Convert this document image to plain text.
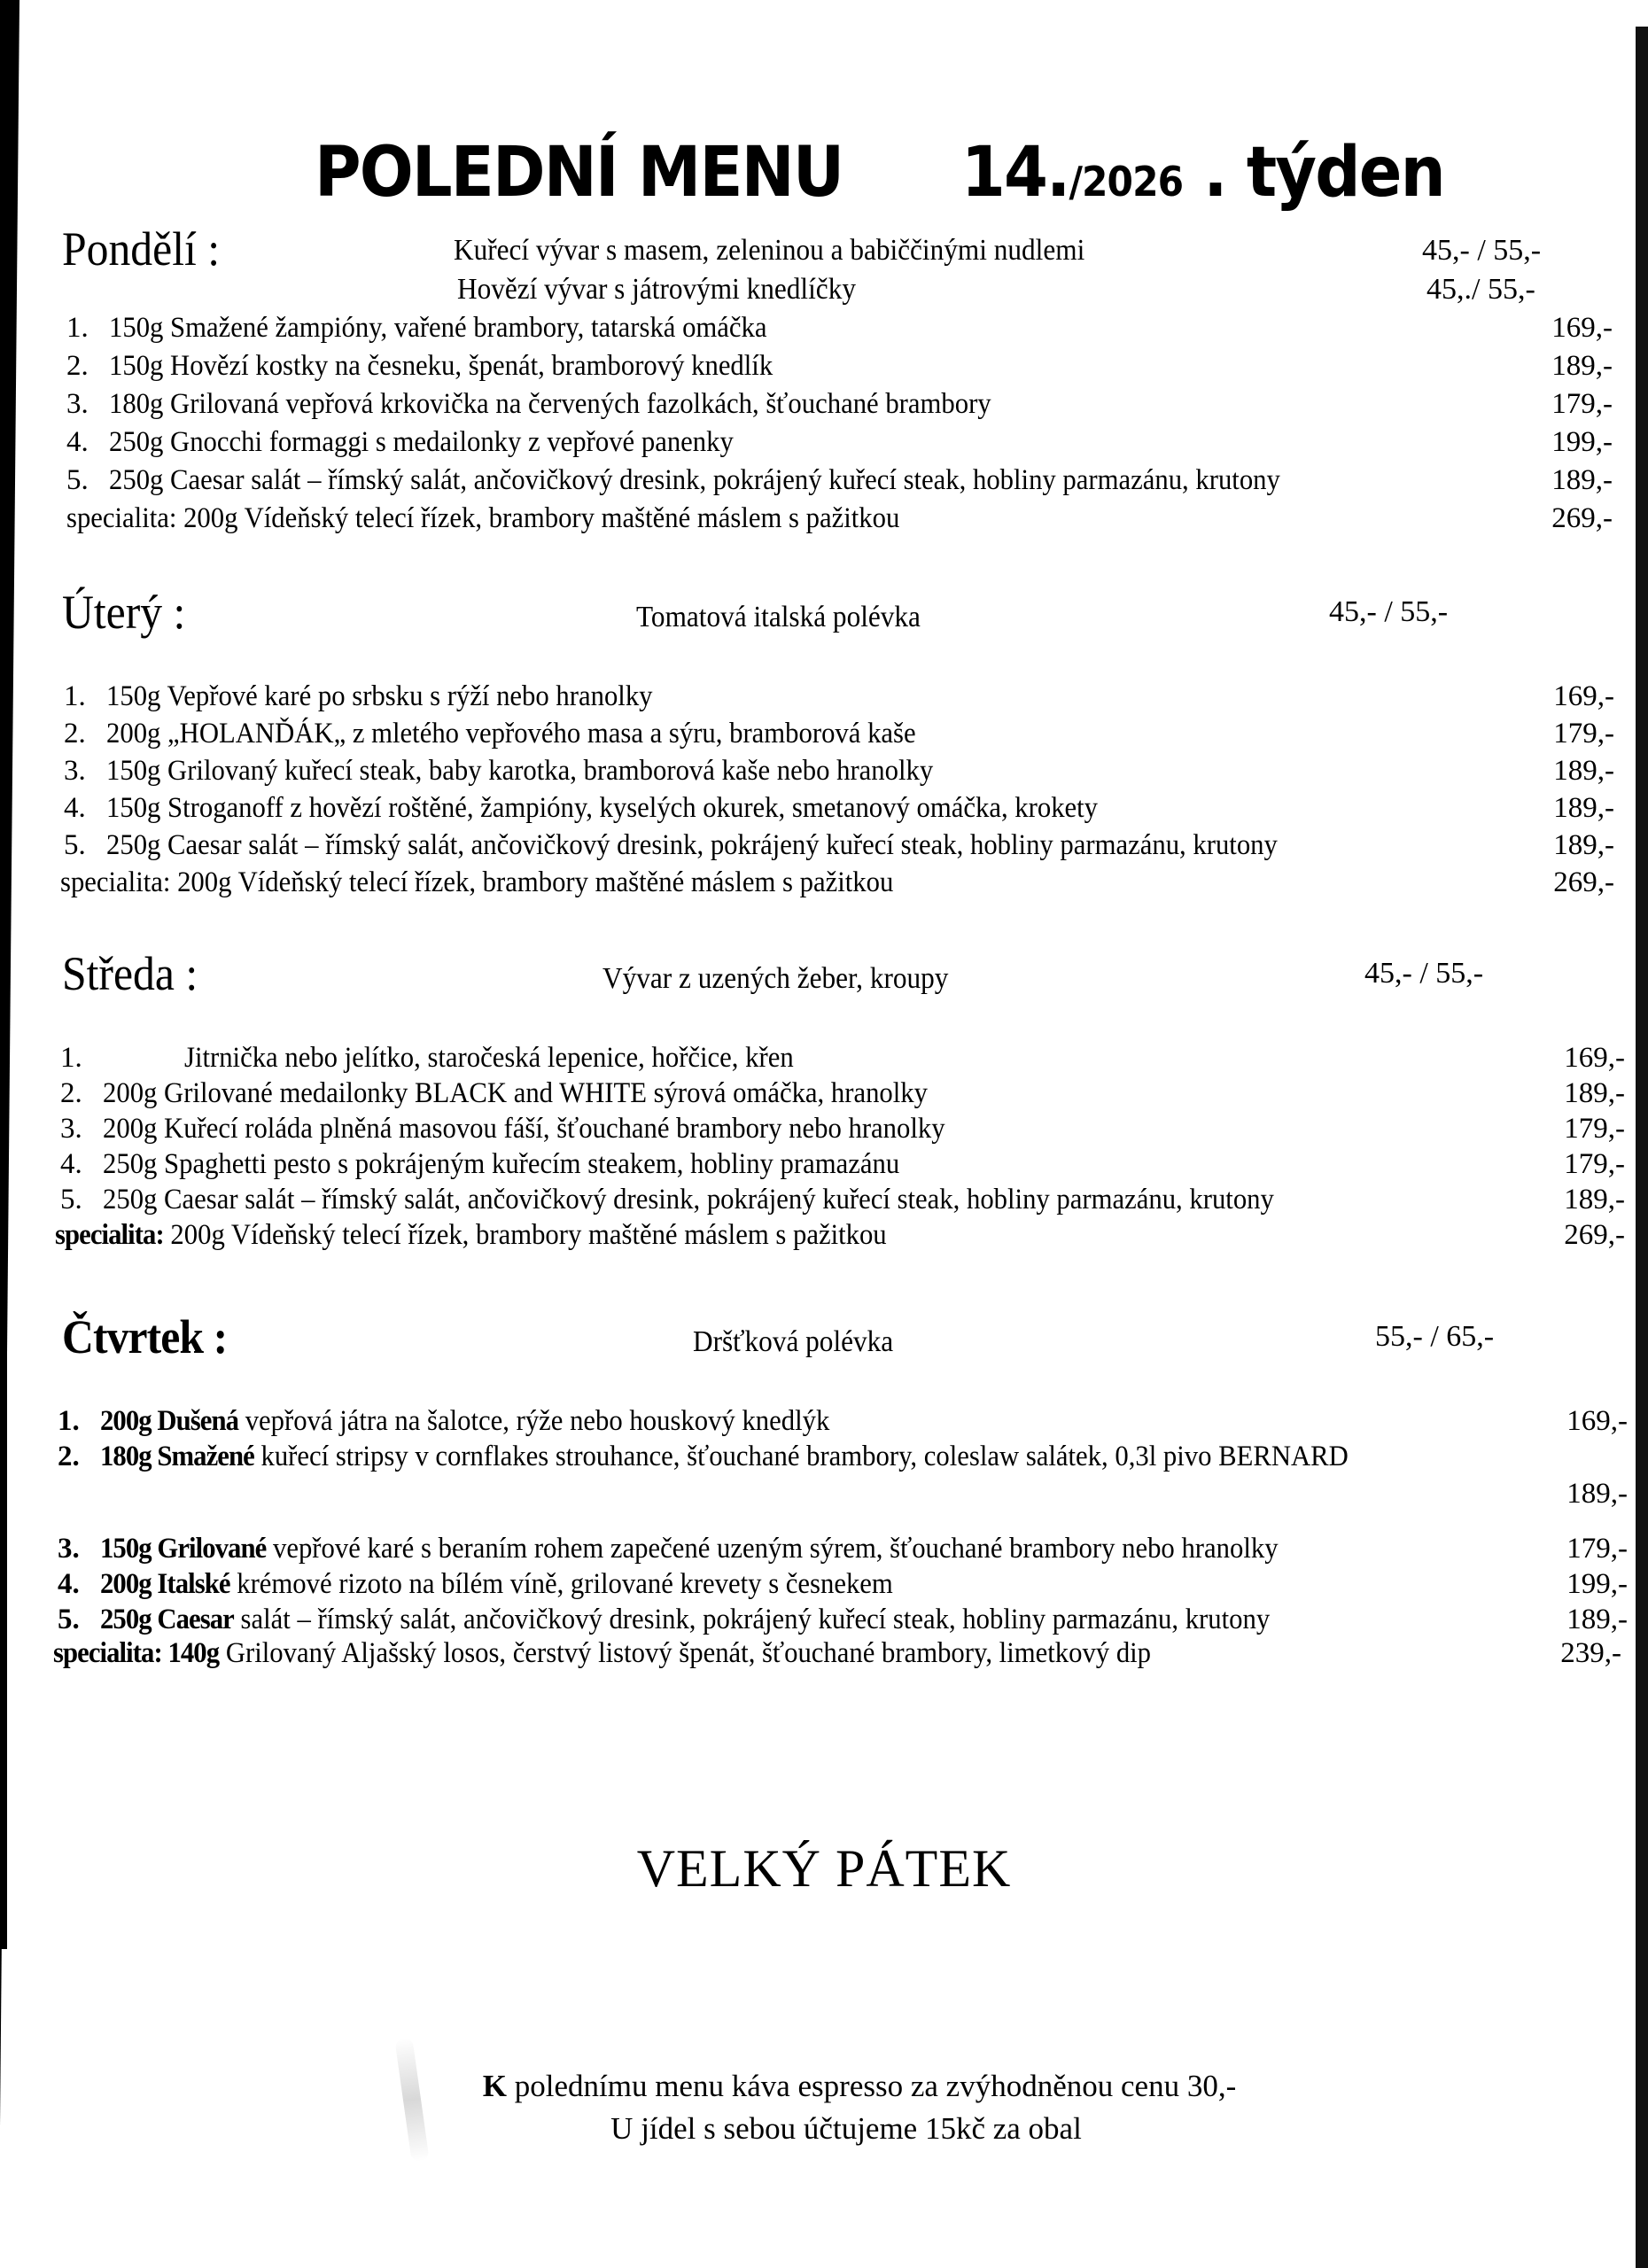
POLEDNÍ MENU 14./2026 . týden
Pondělí :	Kuřecí vývar s masem, zeleninou a babiččinými nudlemi	45,- / 55,-
Hovězí vývar s játrovými knedlíčky	45,./ 55,-
1. 150g Smažené žampióny, vařené brambory, tatarská omáčka	169,-
2. 150g Hovězí kostky na česneku, špenát, bramborový knedlík	189,-
3. 180g Grilovaná vepřová krkovička na červených fazolkách, šťouchané brambory	179,-
4. 250g Gnocchi formaggi s medailonky z vepřové panenky	199,-
5. 250g Caesar salát – římský salát, ančovičkový dresink, pokrájený kuřecí steak, hobliny parmazánu, krutony	189,-
specialita: 200g Vídeňský telecí řízek, brambory maštěné máslem s pažitkou	269,-
Úterý :	Tomatová italská polévka	45,- / 55,-
1. 150g Vepřové karé po srbsku s rýží nebo hranolky	169,-
2. 200g „HOLANĎÁK„ z mletého vepřového masa a sýru, bramborová kaše	179,-
3. 150g Grilovaný kuřecí steak, baby karotka, bramborová kaše nebo hranolky	189,-
4. 150g Stroganoff z hovězí roštěné, žampióny, kyselých okurek, smetanový omáčka, krokety	189,-
5. 250g Caesar salát – římský salát, ančovičkový dresink, pokrájený kuřecí steak, hobliny parmazánu, krutony	189,-
specialita: 200g Vídeňský telecí řízek, brambory maštěné máslem s pažitkou	269,-
Středa :	Vývar z uzených žeber, kroupy	45,- / 55,-
1.	Jitrnička nebo jelítko, staročeská lepenice, hořčice, křen	169,-
2. 200g Grilované medailonky BLACK and WHITE sýrová omáčka, hranolky	189,-
3. 200g Kuřecí roláda plněná masovou fáší, šťouchané brambory nebo hranolky	179,-
4. 250g Spaghetti pesto s pokrájeným kuřecím steakem, hobliny pramazánu	179,-
5. 250g Caesar salát – římský salát, ančovičkový dresink, pokrájený kuřecí steak, hobliny parmazánu, krutony	189,-
specialita: 200g Vídeňský telecí řízek, brambory maštěné máslem s pažitkou	269,-
Čtvrtek :	Dršťková polévka	55,- / 65,-
1. 200g Dušená vepřová játra na šalotce, rýže nebo houskový knedlýk	169,-
2. 180g Smažené kuřecí stripsy v cornflakes strouhance, šťouchané brambory, coleslaw salátek, 0,3l pivo BERNARD
189,-
3. 150g Grilované vepřové karé s beraním rohem zapečené uzeným sýrem, šťouchané brambory nebo hranolky	179,-
4. 200g Italské krémové rizoto na bílém víně, grilované krevety s česnekem	199,-
5. 250g Caesar salát – římský salát, ančovičkový dresink, pokrájený kuřecí steak, hobliny parmazánu, krutony	189,-
specialita: 140g Grilovaný Aljašský losos, čerstvý listový špenát, šťouchané brambory, limetkový dip	239,-
VELKÝ PÁTEK
K polednímu menu káva espresso za zvýhodněnou cenu 30,-
U jídel s sebou účtujeme 15kč za obal
